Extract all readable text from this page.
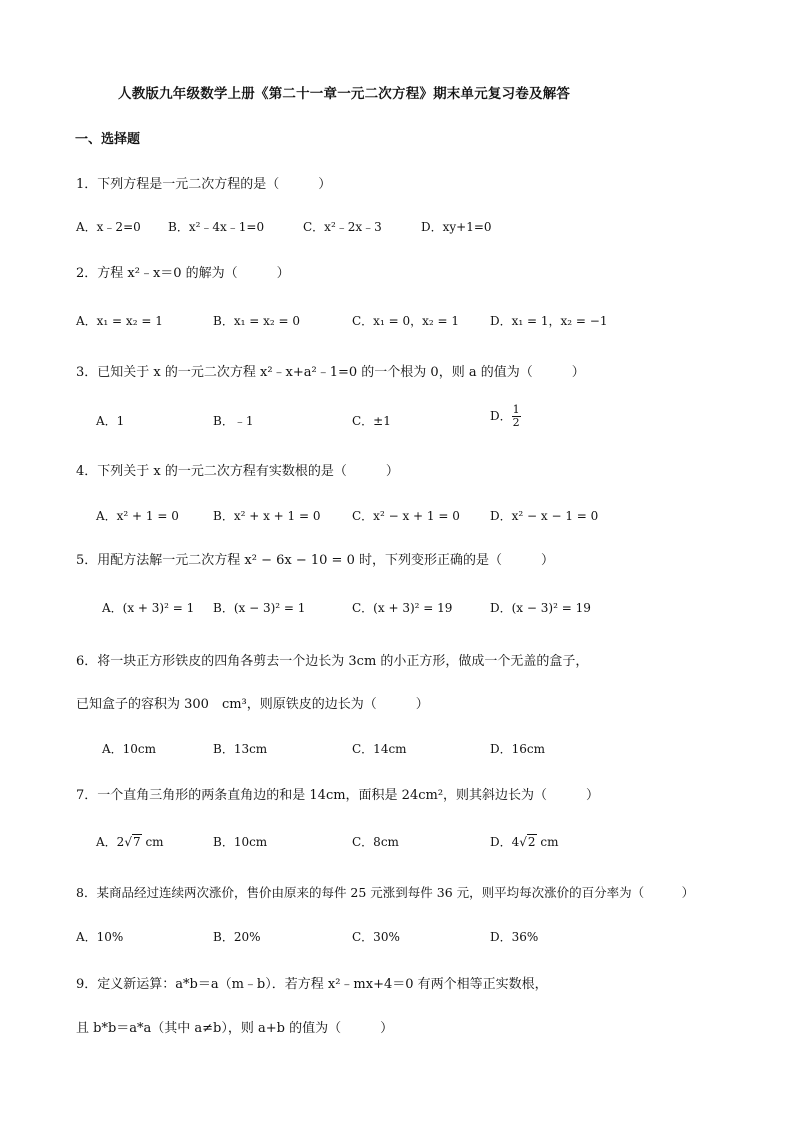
人教版九年级数学上册《第二十一章一元二次方程》期末单元复习卷及解答
一、选择题
1．下列方程是一元二次方程的是（　　　）
A．x﹣2=0 B．x²﹣4x﹣1=0	C．x²﹣2x﹣3	D．xy+1=0
2．方程 x²﹣x＝0 的解为（　　　）
A．x₁ = x₂ = 1	B．x₁ = x₂ = 0	C．x₁ = 0，x₂ = 1	D．x₁ = 1，x₂ = −1
3．已知关于 x 的一元二次方程 x²﹣x+a²﹣1=0 的一个根为 0，则 a 的值为（　　　）
A．1	B．﹣1	C．±1	D． $\frac{1}{2}$
4．下列关于 x 的一元二次方程有实数根的是（　　　）
A．x² + 1 = 0	B．x² + x + 1 = 0	C．x² − x + 1 = 0	D．x² − x − 1 = 0
5．用配方法解一元二次方程 x² − 6x − 10 = 0 时，下列变形正确的是（　　　）
A．(x + 3)² = 1 B．(x − 3)² = 1	C．(x + 3)² = 19	D．(x − 3)² = 19
6．将一块正方形铁皮的四角各剪去一个边长为 3cm 的小正方形，做成一个无盖的盒子，
已知盒子的容积为 300　cm³，则原铁皮的边长为（　　　）
A．10cm	B．13cm	C．14cm	D．16cm
7．一个直角三角形的两条直角边的和是 14cm，面积是 24cm²，则其斜边长为（　　　）
A．2√7 cm	B．10cm	C．8cm	D．4√2 cm
8．某商品经过连续两次涨价，售价由原来的每件 25 元涨到每件 36 元，则平均每次涨价的百分率为（　　　）
A．10%	B．20%	C．30%	D．36%
9．定义新运算：a*b＝a（m﹣b）．若方程 x²﹣mx+4＝0 有两个相等正实数根，
且 b*b＝a*a（其中 a≠b），则 a+b 的值为（　　　）
